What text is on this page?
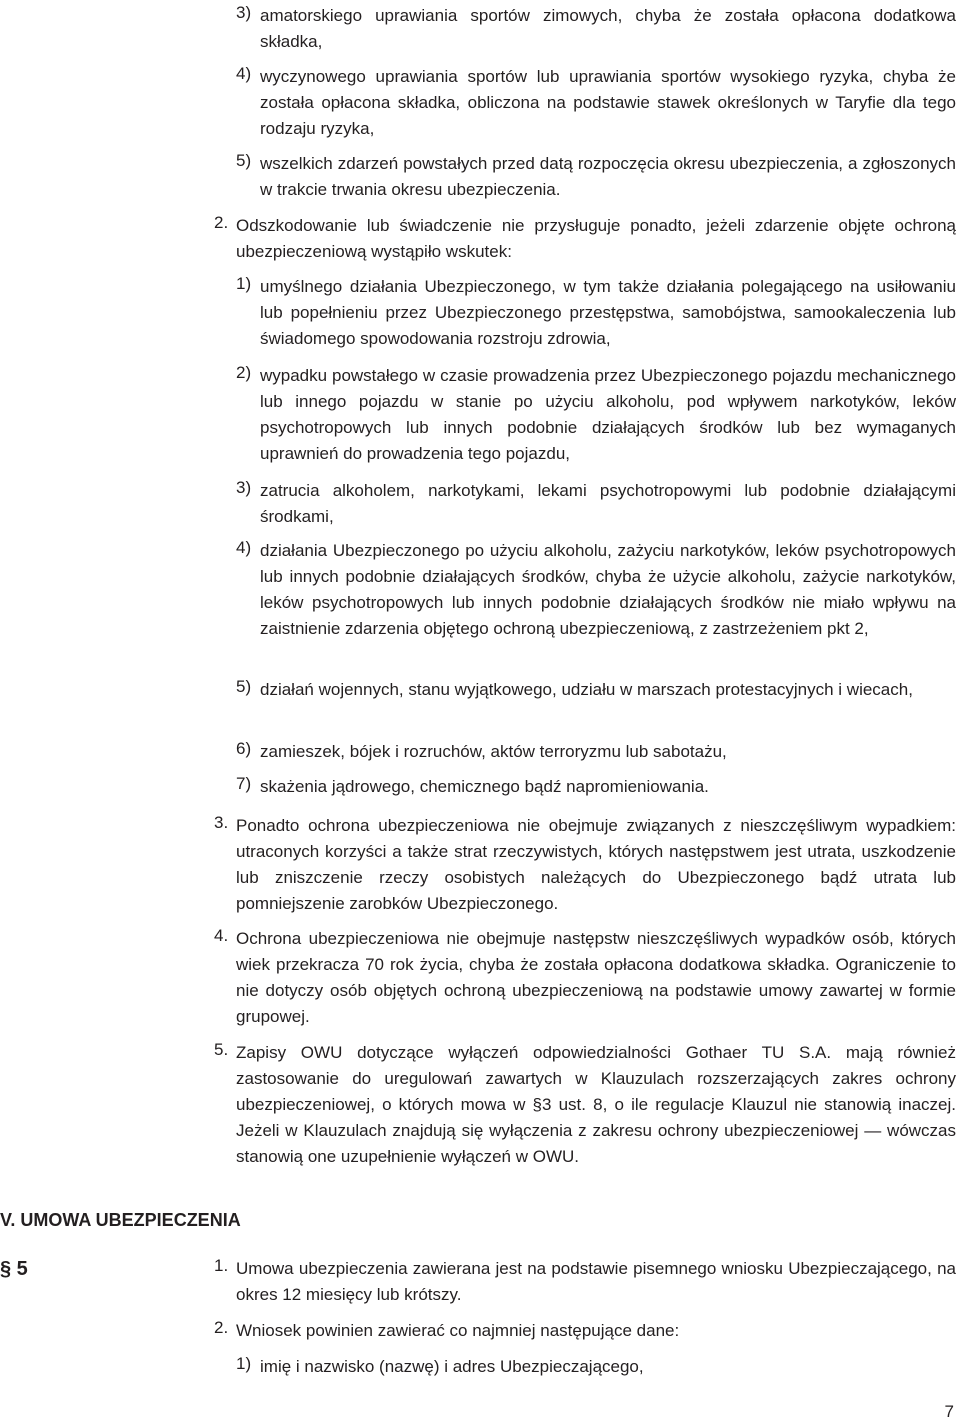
3) amatorskiego uprawiania sportów zimowych, chyba że została opłacona dodatkowa składka,
4) wyczynowego uprawiania sportów lub uprawiania sportów wysokiego ryzyka, chyba że została opłacona składka, obliczona na podstawie stawek określonych w Taryfie dla tego rodzaju ryzyka,
5) wszelkich zdarzeń powstałych przed datą rozpoczęcia okresu ubezpieczenia, a zgłoszonych w trakcie trwania okresu ubezpieczenia.
2. Odszkodowanie lub świadczenie nie przysługuje ponadto, jeżeli zdarzenie objęte ochroną ubezpieczeniową wystąpiło wskutek:
1) umyślnego działania Ubezpieczonego, w tym także działania polegającego na usiłowaniu lub popełnieniu przez Ubezpieczonego przestępstwa, samobójstwa, samookaleczenia lub świadomego spowodowania rozstroju zdrowia,
2) wypadku powstałego w czasie prowadzenia przez Ubezpieczonego pojazdu mechanicznego lub innego pojazdu w stanie po użyciu alkoholu, pod wpływem narkotyków, leków psychotropowych lub innych podobnie działających środków lub bez wymaganych uprawnień do prowadzenia tego pojazdu,
3) zatrucia alkoholem, narkotykami, lekami psychotropowymi lub podobnie działającymi środkami,
4) działania Ubezpieczonego po użyciu alkoholu, zażyciu narkotyków, leków psychotropowych lub innych podobnie działających środków, chyba że użycie alkoholu, zażycie narkotyków, leków psychotropowych lub innych podobnie działających środków nie miało wpływu na zaistnienie zdarzenia objętego ochroną ubezpieczeniową, z zastrzeżeniem pkt 2,
5) działań wojennych, stanu wyjątkowego, udziału w marszach protestacyjnych i wiecach,
6) zamieszek, bójek i rozruchów, aktów terroryzmu lub sabotażu,
7) skażenia jądrowego, chemicznego bądź napromieniowania.
3. Ponadto ochrona ubezpieczeniowa nie obejmuje związanych z nieszczęśliwym wypadkiem: utraconych korzyści a także strat rzeczywistych, których następstwem jest utrata, uszkodzenie lub zniszczenie rzeczy osobistych należących do Ubezpieczonego bądź utrata lub pomniejszenie zarobków Ubezpieczonego.
4. Ochrona ubezpieczeniowa nie obejmuje następstw nieszczęśliwych wypadków osób, których wiek przekracza 70 rok życia, chyba że została opłacona dodatkowa składka. Ograniczenie to nie dotyczy osób objętych ochroną ubezpieczeniową na podstawie umowy zawartej w formie grupowej.
5. Zapisy OWU dotyczące wyłączeń odpowiedzialności Gothaer TU S.A. mają również zastosowanie do uregulowań zawartych w Klauzulach rozszerzających zakres ochrony ubezpieczeniowej, o których mowa w §3 ust. 8, o ile regulacje Klauzul nie stanowią inaczej. Jeżeli w Klauzulach znajdują się wyłączenia z zakresu ochrony ubezpieczeniowej — wówczas stanowią one uzupełnienie wyłączeń w OWU.
V. UMOWA UBEZPIECZENIA
§ 5	1. Umowa ubezpieczenia zawierana jest na podstawie pisemnego wniosku Ubezpieczającego, na okres 12 miesięcy lub krótszy.
2. Wniosek powinien zawierać co najmniej następujące dane:
1) imię i nazwisko (nazwę) i adres Ubezpieczającego,
7
